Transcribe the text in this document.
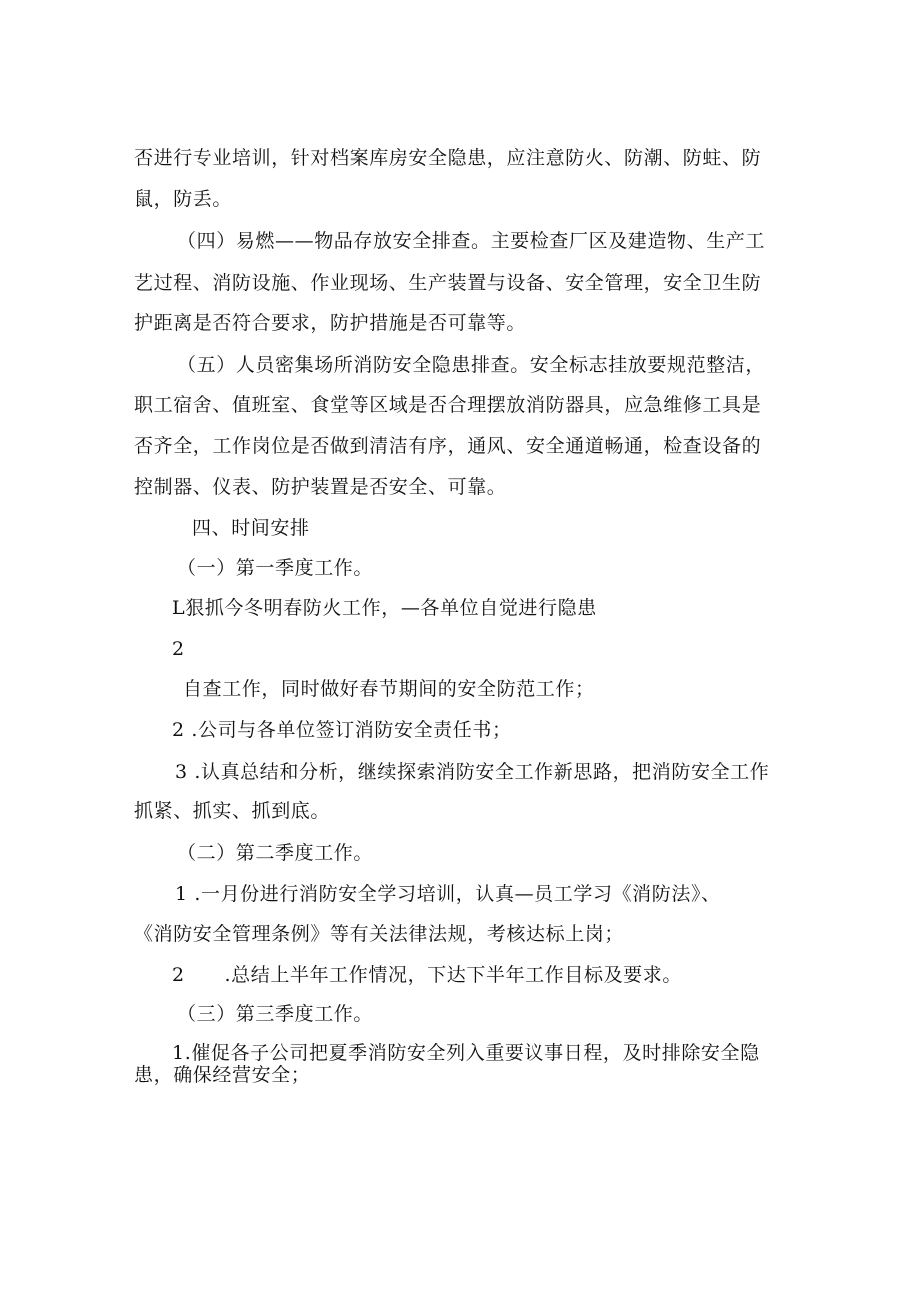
否进行专业培训，针对档案库房安全隐患，应注意防火、防潮、防蛀、防
鼠，防丢。
（四）易燃——物品存放安全排查。主要检查厂区及建造物、生产工
艺过程、消防设施、作业现场、生产装置与设备、安全管理，安全卫生防
护距离是否符合要求，防护措施是否可靠等。
（五）人员密集场所消防安全隐患排查。安全标志挂放要规范整洁，
职工宿舍、值班室、食堂等区域是否合理摆放消防器具，应急维修工具是
否齐全，工作岗位是否做到清洁有序，通风、安全通道畅通，检查设备的
控制器、仪表、防护装置是否安全、可靠。
四、时间安排
（一）第一季度工作。
L狠抓今冬明春防火工作，—各单位自觉进行隐患
2
自查工作，同时做好春节期间的安全防范工作；
2 .公司与各单位签订消防安全责任书；
3 .认真总结和分析，继续探索消防安全工作新思路，把消防安全工作
抓紧、抓实、抓到底。
（二）第二季度工作。
1 .一月份进行消防安全学习培训，认真—员工学习《消防法》、
《消防安全管理条例》等有关法律法规，考核达标上岗；
2      .总结上半年工作情况，下达下半年工作目标及要求。
（三）第三季度工作。
1.催促各子公司把夏季消防安全列入重要议事日程，及时排除安全隐
患，确保经营安全；
